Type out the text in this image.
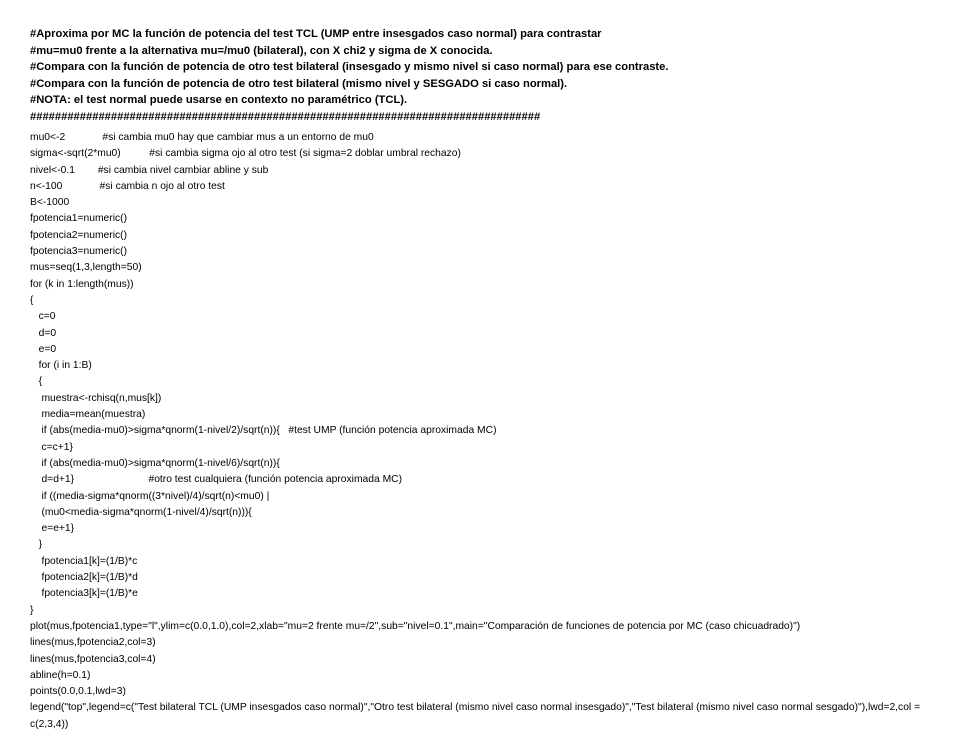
#Aproxima por MC la función de potencia del test TCL (UMP entre insesgados caso normal) para contrastar
#mu=mu0 frente a la alternativa mu=/mu0 (bilateral), con X chi2 y sigma de X conocida.
#Compara con la función de potencia de otro test bilateral (insesgado y mismo nivel si caso normal) para ese contraste.
#Compara con la función de potencia de otro test bilateral (mismo nivel y SESGADO si caso normal).
#NOTA: el test normal puede usarse en contexto no paramétrico (TCL).
##################################################################################
mu0<-2             #si cambia mu0 hay que cambiar mus a un entorno de mu0
sigma<-sqrt(2*mu0)          #si cambia sigma ojo al otro test (si sigma=2 doblar umbral rechazo)
nivel<-0.1        #si cambia nivel cambiar abline y sub
n<-100             #si cambia n ojo al otro test
B<-1000
fpotencia1=numeric()
fpotencia2=numeric()
fpotencia3=numeric()
mus=seq(1,3,length=50)
for (k in 1:length(mus))
{
c=0
d=0
e=0
for (i in 1:B)
{
muestra<-rchisq(n,mus[k])
media=mean(muestra)
if (abs(media-mu0)>sigma*qnorm(1-nivel/2)/sqrt(n)){   #test UMP (función potencia aproximada MC)
c=c+1}
if (abs(media-mu0)>sigma*qnorm(1-nivel/6)/sqrt(n)){
d=d+1}                          #otro test cualquiera (función potencia aproximada MC)
if ((media-sigma*qnorm((3*nivel)/4)/sqrt(n)<mu0) |
(mu0<media-sigma*qnorm(1-nivel/4)/sqrt(n))){
e=e+1}
}
fpotencia1[k]=(1/B)*c
fpotencia2[k]=(1/B)*d
fpotencia3[k]=(1/B)*e
}
plot(mus,fpotencia1,type="l",ylim=c(0.0,1.0),col=2,xlab="mu=2 frente mu=/2",sub="nivel=0.1",main="Comparación de funciones de potencia por MC (caso chicuadrado)")
lines(mus,fpotencia2,col=3)
lines(mus,fpotencia3,col=4)
abline(h=0.1)
points(0.0,0.1,lwd=3)
legend("top",legend=c("Test bilateral TCL (UMP insesgados caso normal)","Otro test bilateral (mismo nivel caso normal insesgado)","Test bilateral (mismo nivel caso normal sesgado)"),lwd=2,col = c(2,3,4))
